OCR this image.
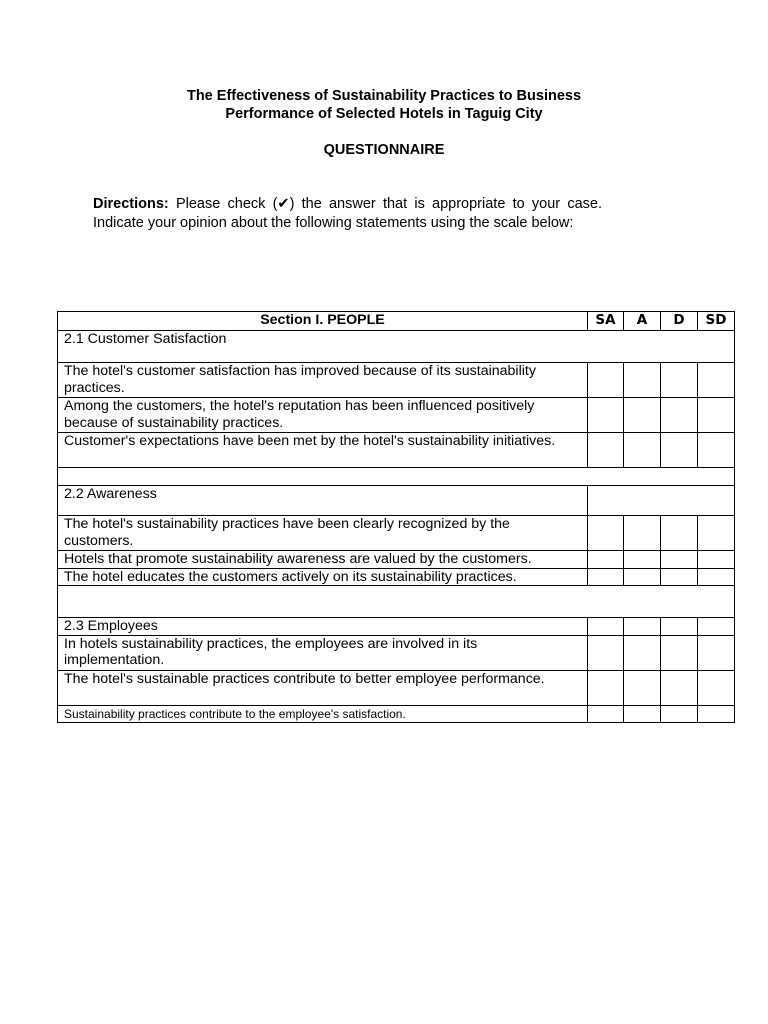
The Effectiveness of Sustainability Practices to Business
Performance of Selected Hotels in Taguig City
QUESTIONNAIRE
Directions: Please check (✔) the answer that is appropriate to your case. Indicate your opinion about the following statements using the scale below:
Section I. PEOPLE	SA	A	D	SD
2.1 Customer Satisfaction				
The hotel's customer satisfaction has improved because of its sustainability practices.				
Among the customers, the hotel's reputation has been influenced positively because of sustainability practices.				
Customer's expectations have been met by the hotel's sustainability initiatives.				

2.2 Awareness				
The hotel's sustainability practices have been clearly recognized by the customers.				
Hotels that promote sustainability awareness are valued by the customers.				
The hotel educates the customers actively on its sustainability practices.				

2.3 Employees				
In hotels sustainability practices, the employees are involved in its implementation.				
The hotel's sustainable practices contribute to better employee performance.				
Sustainability practices contribute to the employee's satisfaction.				
